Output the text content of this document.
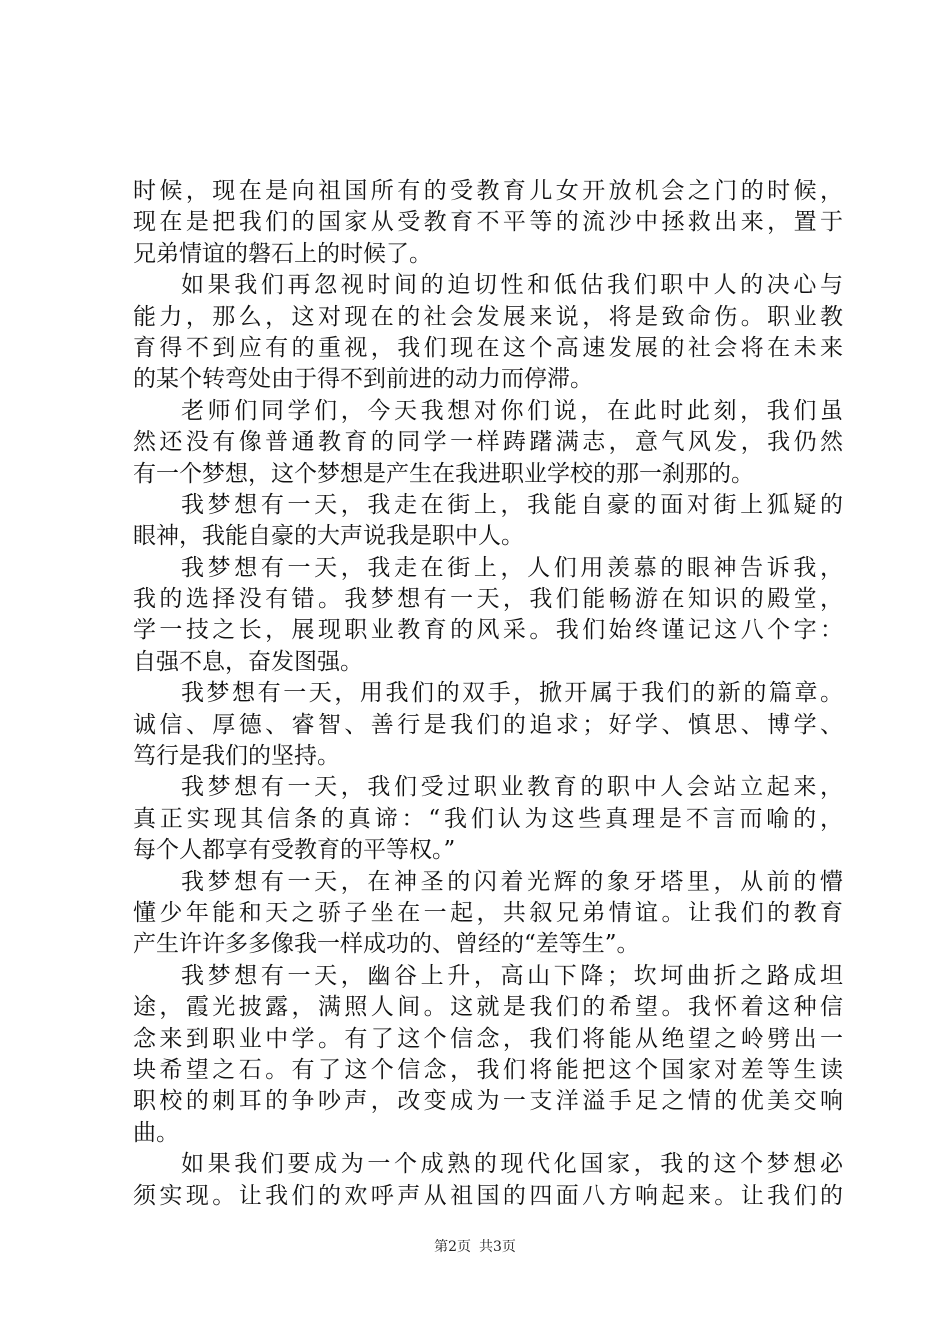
时候，现在是向祖国所有的受教育儿女开放机会之门的时候，
现在是把我们的国家从受教育不平等的流沙中拯救出来，置于
兄弟情谊的磐石上的时候了。
如果我们再忽视时间的迫切性和低估我们职中人的决心与
能力，那么，这对现在的社会发展来说，将是致命伤。职业教
育得不到应有的重视，我们现在这个高速发展的社会将在未来
的某个转弯处由于得不到前进的动力而停滞。
老师们同学们，今天我想对你们说，在此时此刻，我们虽
然还没有像普通教育的同学一样踌躇满志，意气风发，我仍然
有一个梦想，这个梦想是产生在我进职业学校的那一刹那的。
我梦想有一天，我走在街上，我能自豪的面对街上狐疑的
眼神，我能自豪的大声说我是职中人。
我梦想有一天，我走在街上，人们用羡慕的眼神告诉我，
我的选择没有错。我梦想有一天，我们能畅游在知识的殿堂，
学一技之长，展现职业教育的风采。我们始终谨记这八个字：
自强不息，奋发图强。
我梦想有一天，用我们的双手，掀开属于我们的新的篇章。
诚信、厚德、睿智、善行是我们的追求；好学、慎思、博学、
笃行是我们的坚持。
我梦想有一天，我们受过职业教育的职中人会站立起来，
真正实现其信条的真谛：“我们认为这些真理是不言而喻的，
每个人都享有受教育的平等权。”
我梦想有一天，在神圣的闪着光辉的象牙塔里，从前的懵
懂少年能和天之骄子坐在一起，共叙兄弟情谊。让我们的教育
产生许许多多像我一样成功的、曾经的“差等生”。
我梦想有一天，幽谷上升，高山下降；坎坷曲折之路成坦
途，霞光披露，满照人间。这就是我们的希望。我怀着这种信
念来到职业中学。有了这个信念，我们将能从绝望之岭劈出一
块希望之石。有了这个信念，我们将能把这个国家对差等生读
职校的刺耳的争吵声，改变成为一支洋溢手足之情的优美交响
曲。
如果我们要成为一个成熟的现代化国家，我的这个梦想必
须实现。让我们的欢呼声从祖国的四面八方响起来。让我们的
第2页 共3页
